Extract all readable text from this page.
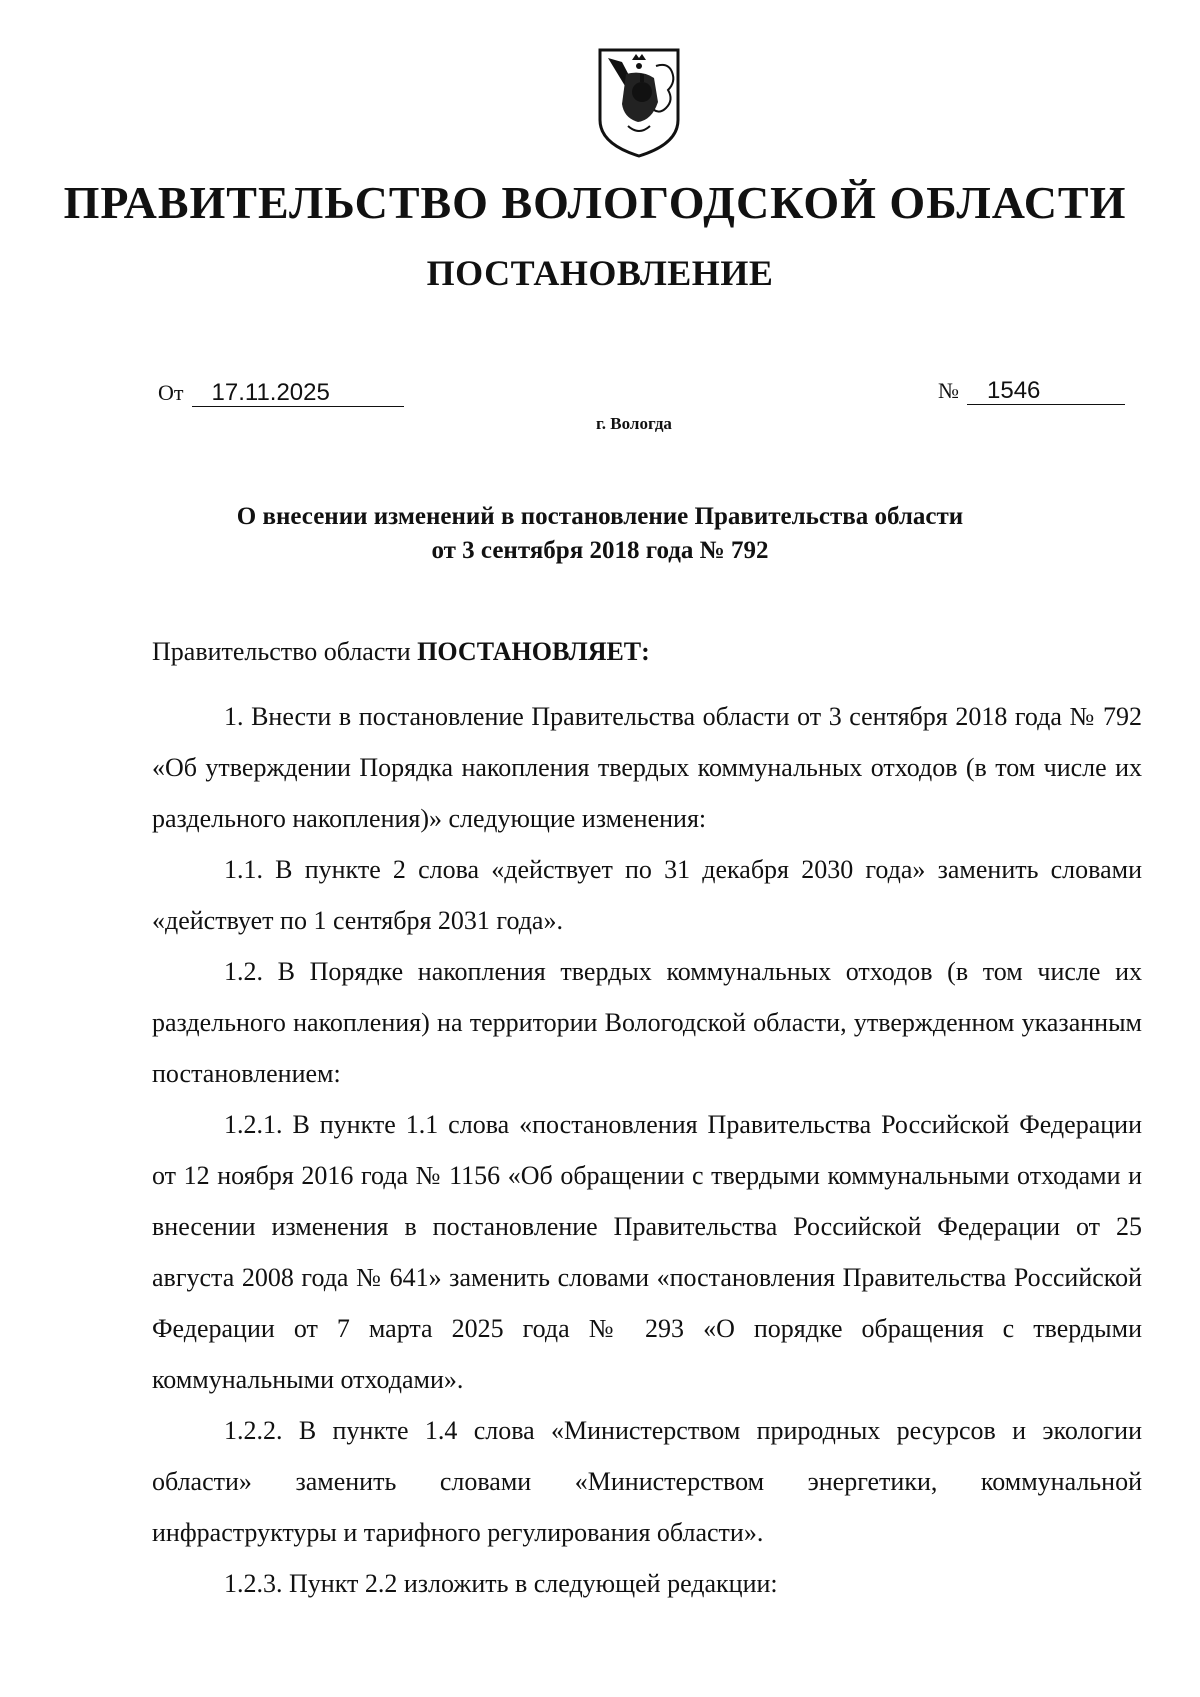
ПРАВИТЕЛЬСТВО ВОЛОГОДСКОЙ ОБЛАСТИ
ПОСТАНОВЛЕНИЕ
От 17.11.2025	№ 1546
г. Вологда
О внесении изменений в постановление Правительства области
от 3 сентября 2018 года № 792

Правительство области ПОСТАНОВЛЯЕТ:

1. Внести в постановление Правительства области от 3 сентября 2018 года № 792 «Об утверждении Порядка накопления твердых коммунальных отходов (в том числе их раздельного накопления)» следующие изменения:

1.1. В пункте 2 слова «действует по 31 декабря 2030 года» заменить словами «действует по 1 сентября 2031 года».

1.2. В Порядке накопления твердых коммунальных отходов (в том числе их раздельного накопления) на территории Вологодской области, утвержденном указанным постановлением:

1.2.1. В пункте 1.1 слова «постановления Правительства Российской Федерации от 12 ноября 2016 года № 1156 «Об обращении с твердыми коммунальными отходами и внесении изменения в постановление Правительства Российской Федерации от 25 августа 2008 года № 641» заменить словами «постановления Правительства Российской Федерации от 7 марта 2025 года № 293 «О порядке обращения с твердыми коммунальными отходами».

1.2.2. В пункте 1.4 слова «Министерством природных ресурсов и экологии области» заменить словами «Министерством энергетики, коммунальной инфраструктуры и тарифного регулирования области».

1.2.3. Пункт 2.2 изложить в следующей редакции:
